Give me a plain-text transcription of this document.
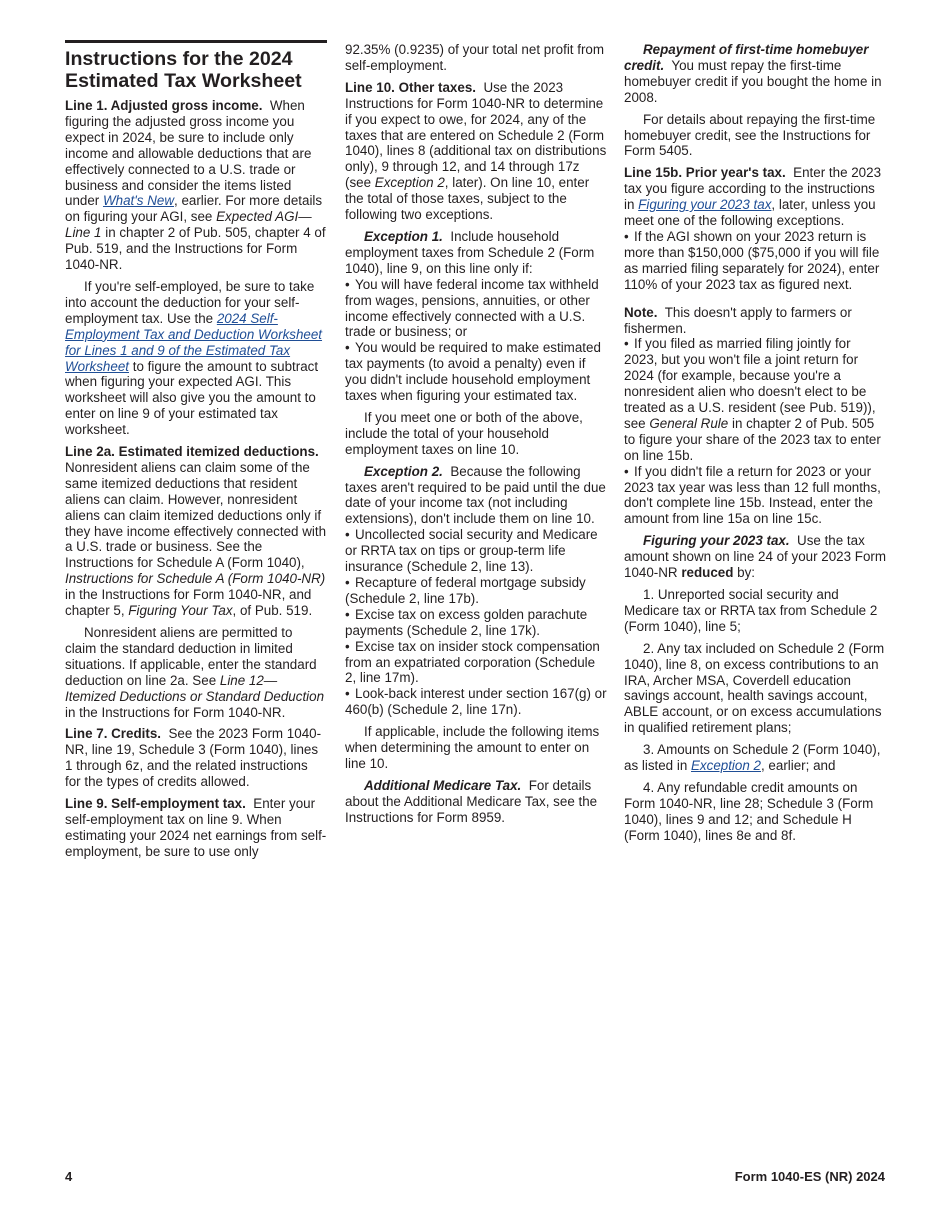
Instructions for the 2024 Estimated Tax Worksheet

Line 1. Adjusted gross income. When figuring the adjusted gross income you expect in 2024, be sure to include only income and allowable deductions that are effectively connected to a U.S. trade or business and consider the items listed under What's New, earlier. For more details on figuring your AGI, see Expected AGI—Line 1 in chapter 2 of Pub. 505, chapter 4 of Pub. 519, and the Instructions for Form 1040-NR.

If you're self-employed, be sure to take into account the deduction for your self-employment tax. Use the 2024 Self-Employment Tax and Deduction Worksheet for Lines 1 and 9 of the Estimated Tax Worksheet to figure the amount to subtract when figuring your expected AGI. This worksheet will also give you the amount to enter on line 9 of your estimated tax worksheet.

Line 2a. Estimated itemized deductions.  Nonresident aliens can claim some of the same itemized deductions that resident aliens can claim. However, nonresident aliens can claim itemized deductions only if they have income effectively connected with a U.S. trade or business. See the Instructions for Schedule A (Form 1040), Instructions for Schedule A (Form 1040-NR) in the Instructions for Form 1040-NR, and chapter 5, Figuring Your Tax, of Pub. 519.

Nonresident aliens are permitted to claim the standard deduction in limited situations. If applicable, enter the standard deduction on line 2a. See Line 12—Itemized Deductions or Standard Deduction in the Instructions for Form 1040-NR.

Line 7. Credits. See the 2023 Form 1040-NR, line 19, Schedule 3 (Form 1040), lines 1 through 6z, and the related instructions for the types of credits allowed.

Line 9. Self-employment tax. Enter your self-employment tax on line 9. When estimating your 2024 net earnings from self-employment, be sure to use only

92.35% (0.9235) of your total net profit from self-employment.

Line 10. Other taxes. Use the 2023 Instructions for Form 1040-NR to determine if you expect to owe, for 2024, any of the taxes that are entered on Schedule 2 (Form 1040), lines 8 (additional tax on distributions only), 9 through 12, and 14 through 17z (see Exception 2, later). On line 10, enter the total of those taxes, subject to the following two exceptions.

Exception 1. Include household employment taxes from Schedule 2 (Form 1040), line 9, on this line only if:

• You will have federal income tax withheld from wages, pensions, annuities, or other income effectively connected with a U.S. trade or business; or
• You would be required to make estimated tax payments (to avoid a penalty) even if you didn't include household employment taxes when figuring your estimated tax.

If you meet one or both of the above, include the total of your household employment taxes on line 10.

Exception 2. Because the following taxes aren't required to be paid until the due date of your income tax (not including extensions), don't include them on line 10.

• Uncollected social security and Medicare or RRTA tax on tips or group-term life insurance (Schedule 2, line 13).
• Recapture of federal mortgage subsidy (Schedule 2, line 17b).
• Excise tax on excess golden parachute payments (Schedule 2, line 17k).
• Excise tax on insider stock compensation from an expatriated corporation (Schedule 2, line 17m).
• Look-back interest under section 167(g) or 460(b) (Schedule 2, line 17n).

If applicable, include the following items when determining the amount to enter on line 10.

Additional Medicare Tax. For details about the Additional Medicare Tax, see the Instructions for Form 8959.

Repayment of first-time homebuyer credit. You must repay the first-time homebuyer credit if you bought the home in 2008.

For details about repaying the first-time homebuyer credit, see the Instructions for Form 5405.

Line 15b. Prior year's tax. Enter the 2023 tax you figure according to the instructions in Figuring your 2023 tax, later, unless you meet one of the following exceptions.

• If the AGI shown on your 2023 return is more than $150,000 ($75,000 if you will file as married filing separately for 2024), enter 110% of your 2023 tax as figured next.

Note. This doesn't apply to farmers or fishermen.

• If you filed as married filing jointly for 2023, but you won't file a joint return for 2024 (for example, because you're a nonresident alien who doesn't elect to be treated as a U.S. resident (see Pub. 519)), see General Rule in chapter 2 of Pub. 505 to figure your share of the 2023 tax to enter on line 15b.
• If you didn't file a return for 2023 or your 2023 tax year was less than 12 full months, don't complete line 15b. Instead, enter the amount from line 15a on line 15c.

Figuring your 2023 tax. Use the tax amount shown on line 24 of your 2023 Form 1040-NR reduced by:

1. Unreported social security and Medicare tax or RRTA tax from Schedule 2 (Form 1040), line 5;

2. Any tax included on Schedule 2 (Form 1040), line 8, on excess contributions to an IRA, Archer MSA, Coverdell education savings account, health savings account, ABLE account, or on excess accumulations in qualified retirement plans;

3. Amounts on Schedule 2 (Form 1040), as listed in Exception 2, earlier; and

4. Any refundable credit amounts on Form 1040-NR, line 28; Schedule 3 (Form 1040), lines 9 and 12; and Schedule H (Form 1040), lines 8e and 8f.

4	Form 1040-ES (NR) 2024
